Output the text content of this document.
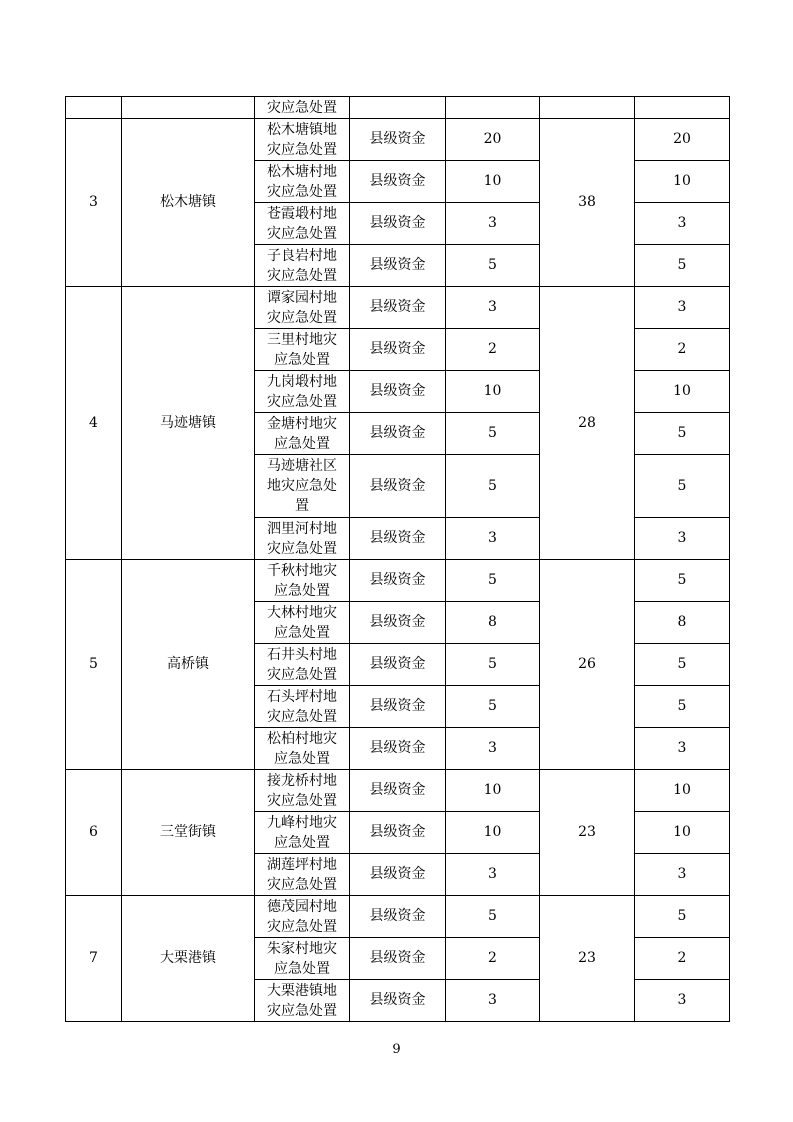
		灾应急处置				
3	松木塘镇	松木塘镇地灾应急处置	县级资金	20	38	20
		松木塘村地灾应急处置	县级资金	10		10
		苍霞塅村地灾应急处置	县级资金	3		3
		子良岩村地灾应急处置	县级资金	5		5
4	马迹塘镇	谭家园村地灾应急处置	县级资金	3	28	3
		三里村地灾应急处置	县级资金	2		2
		九岗塅村地灾应急处置	县级资金	10		10
		金塘村地灾应急处置	县级资金	5		5
		马迹塘社区地灾应急处置	县级资金	5		5
		泗里河村地灾应急处置	县级资金	3		3
5	高桥镇	千秋村地灾应急处置	县级资金	5	26	5
		大林村地灾应急处置	县级资金	8		8
		石井头村地灾应急处置	县级资金	5		5
		石头坪村地灾应急处置	县级资金	5		5
		松柏村地灾应急处置	县级资金	3		3
6	三堂街镇	接龙桥村地灾应急处置	县级资金	10	23	10
		九峰村地灾应急处置	县级资金	10		10
		湖莲坪村地灾应急处置	县级资金	3		3
7	大栗港镇	德茂园村地灾应急处置	县级资金	5	23	5
		朱家村地灾应急处置	县级资金	2		2
		大栗港镇地灾应急处置	县级资金	3		3
9
